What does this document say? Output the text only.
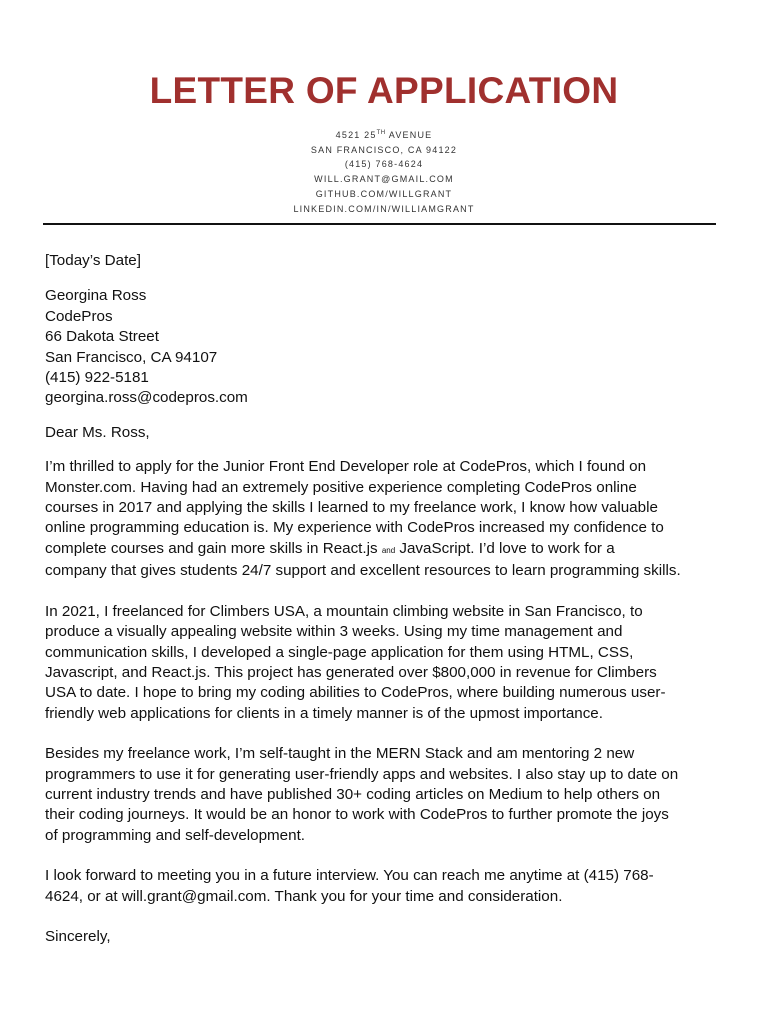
LETTER OF APPLICATION
4521 25TH AVENUE
SAN FRANCISCO, CA 94122
(415) 768-4624
WILL.GRANT@GMAIL.COM
GITHUB.COM/WILLGRANT
LINKEDIN.COM/IN/WILLIAMGRANT

[Today’s Date]

Georgina Ross

CodePros

66 Dakota Street

San Francisco, CA 94107

(415) 922-5181

georgina.ross@codepros.com

Dear Ms. Ross,

I’m thrilled to apply for the Junior Front End Developer role at CodePros, which I found on

Monster.com. Having had an extremely positive experience completing CodePros online

courses in 2017 and applying the skills I learned to my freelance work, I know how valuable

online programming education is. My experience with CodePros increased my confidence to

complete courses and gain more skills in React.js and JavaScript. I’d love to work for a

company that gives students 24/7 support and excellent resources to learn programming skills.

In 2021, I freelanced for Climbers USA, a mountain climbing website in San Francisco, to

produce a visually appealing website within 3 weeks. Using my time management and

communication skills, I developed a single-page application for them using HTML, CSS,

Javascript, and React.js. This project has generated over $800,000 in revenue for Climbers

USA to date. I hope to bring my coding abilities to CodePros, where building numerous user-

friendly web applications for clients in a timely manner is of the upmost importance.

Besides my freelance work, I’m self-taught in the MERN Stack and am mentoring 2 new

programmers to use it for generating user-friendly apps and websites. I also stay up to date on

current industry trends and have published 30+ coding articles on Medium to help others on

their coding journeys. It would be an honor to work with CodePros to further promote the joys

of programming and self-development.

I look forward to meeting you in a future interview. You can reach me anytime at (415) 768-

4624, or at will.grant@gmail.com. Thank you for your time and consideration.

Sincerely,
